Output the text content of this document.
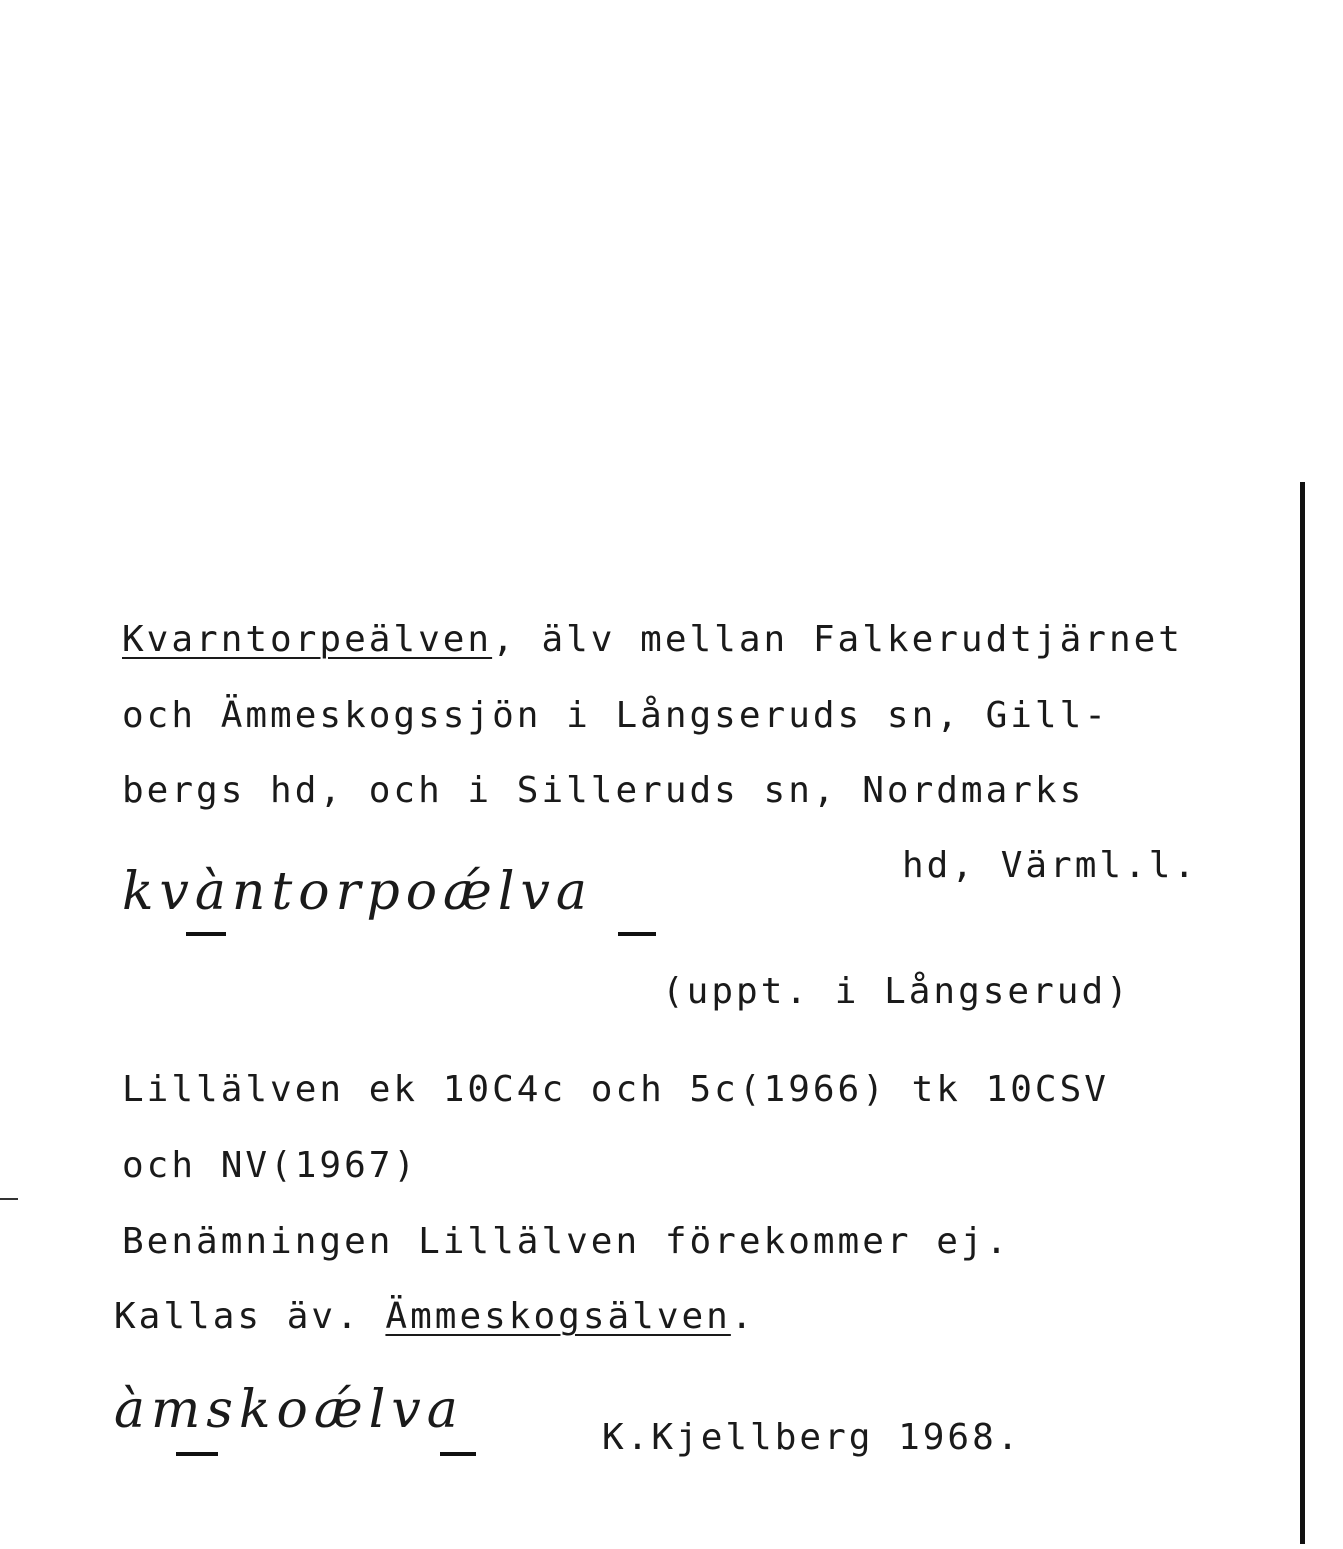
Kvarntorpeälven, älv mellan Falkerudtjärnet
och Ämmeskogssjön i Långseruds sn, Gill-
bergs hd, och i Silleruds sn, Nordmarks
hd, Värml.l.
kvàntorpoǽlva
(uppt. i Långserud)
Lillälven ek 10C4c och 5c(1966) tk 10CSV
och NV(1967)
Benämningen Lillälven förekommer ej.
Kallas äv. Ämmeskogsälven.
àmskoǽlva	K.Kjellberg 1968.
